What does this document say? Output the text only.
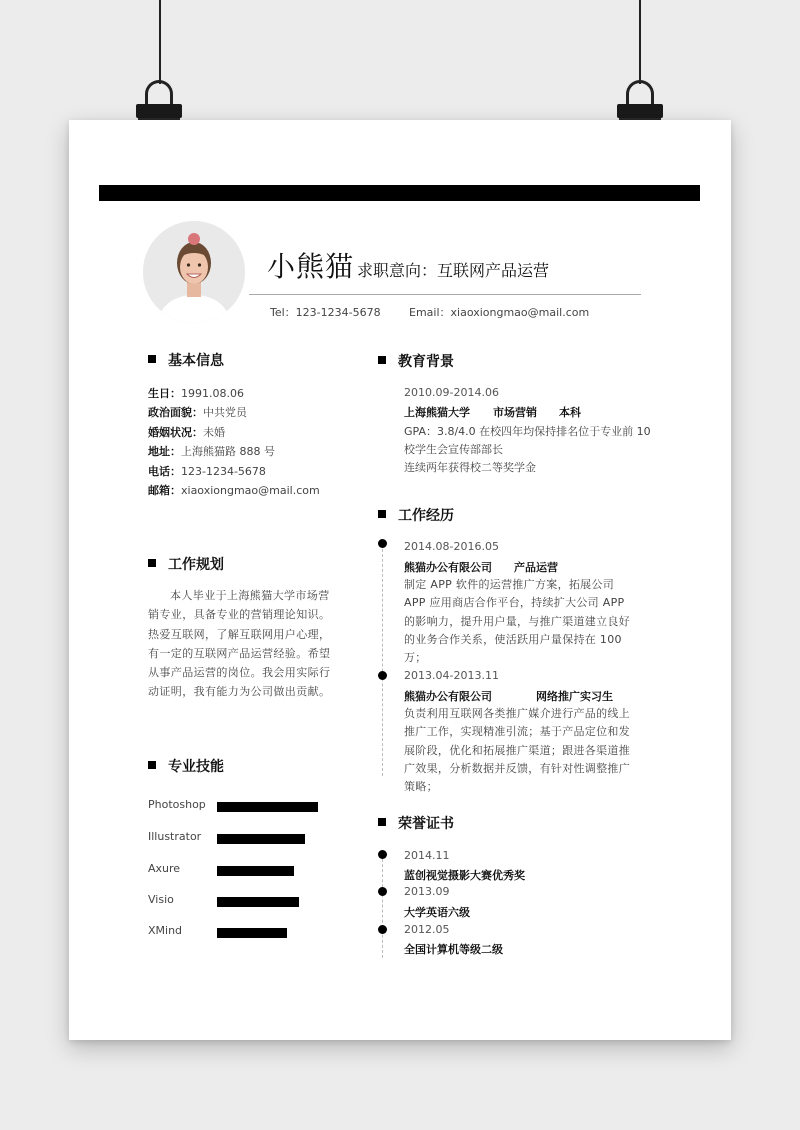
小熊猫 求职意向：互联网产品运营
Tel：123-1234-5678	Email：xiaoxiongmao@mail.com
基本信息
生日：1991.08.06
政治面貌：中共党员
婚姻状况：未婚
地址：上海熊猫路 888 号
电话：123-1234-5678
邮箱：xiaoxiongmao@mail.com
工作规划
本人毕业于上海熊猫大学市场营销专业，具备专业的营销理论知识。热爱互联网，了解互联网用户心理，有一定的互联网产品运营经验。希望从事产品运营的岗位。我会用实际行动证明，我有能力为公司做出贡献。
专业技能
Photoshop
Illustrator
Axure
Visio
XMind
教育背景
2010.09-2014.06
上海熊猫大学 市场营销 本科
GPA：3.8/4.0 在校四年均保持排名位于专业前 10
校学生会宣传部部长
连续两年获得校二等奖学金
工作经历
2014.08-2016.05
熊猫办公有限公司 产品运营
制定 APP 软件的运营推广方案，拓展公司 APP 应用商店合作平台，持续扩大公司 APP 的影响力，提升用户量，与推广渠道建立良好的业务合作关系，使活跃用户量保持在 100 万；
2013.04-2013.11
熊猫办公有限公司	网络推广实习生
负责利用互联网各类推广媒介进行产品的线上推广工作，实现精准引流；基于产品定位和发展阶段，优化和拓展推广渠道；跟进各渠道推广效果，分析数据并反馈，有针对性调整推广策略；
荣誉证书
2014.11
蓝创视觉摄影大赛优秀奖
2013.09
大学英语六级
2012.05
全国计算机等级二级
